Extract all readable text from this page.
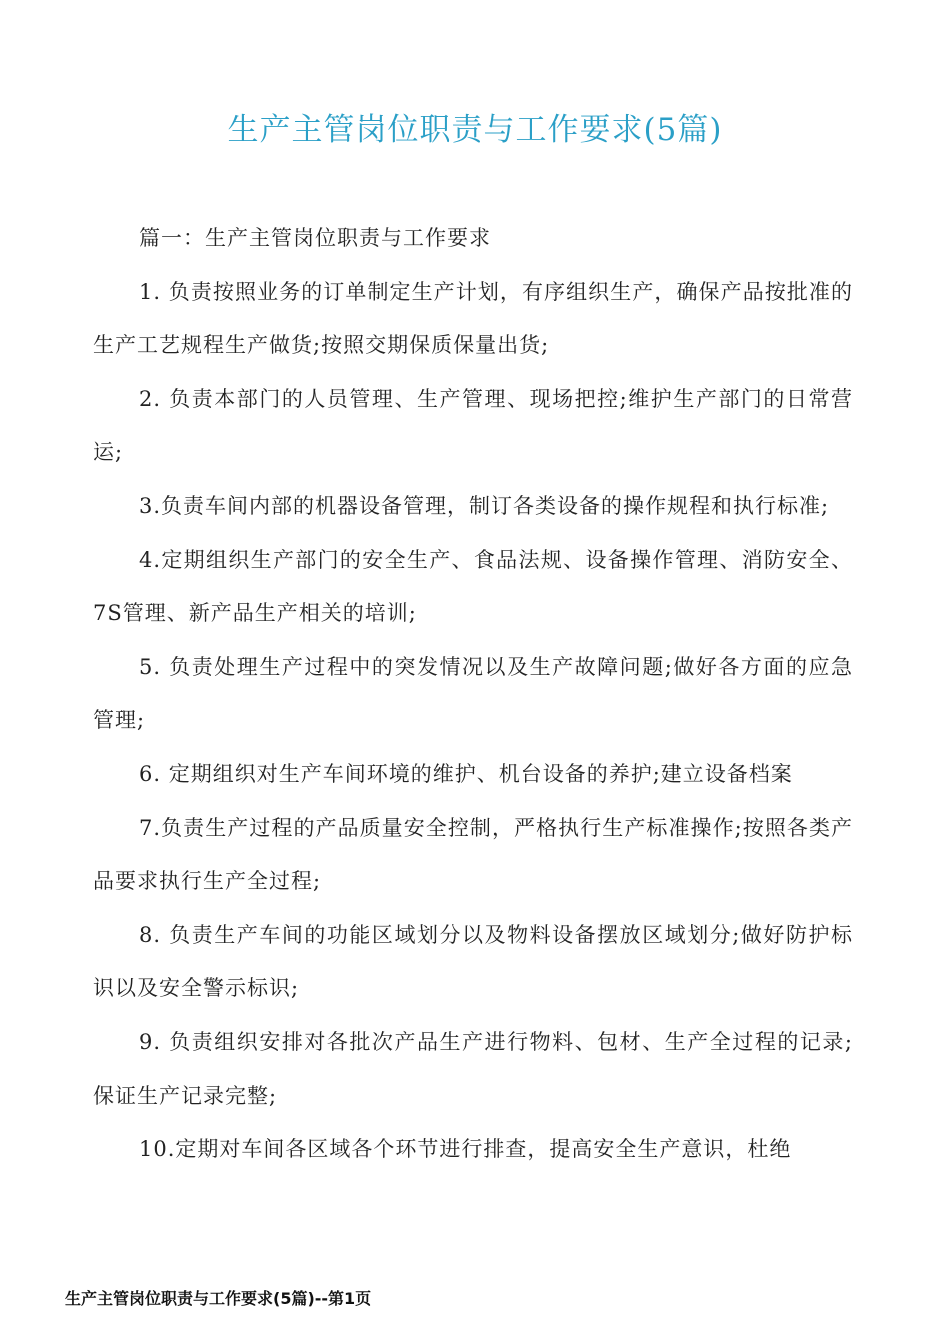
生产主管岗位职责与工作要求(5篇)

篇一：生产主管岗位职责与工作要求

1. 负责按照业务的订单制定生产计划，有序组织生产，确保产品按批准的生产工艺规程生产做货;按照交期保质保量出货;

2. 负责本部门的人员管理、生产管理、现场把控;维护生产部门的日常营运;

3.负责车间内部的机器设备管理，制订各类设备的操作规程和执行标准;

4.定期组织生产部门的安全生产、食品法规、设备操作管理、消防安全、7S管理、新产品生产相关的培训;

5. 负责处理生产过程中的突发情况以及生产故障问题;做好各方面的应急管理;

6. 定期组织对生产车间环境的维护、机台设备的养护;建立设备档案

7.负责生产过程的产品质量安全控制，严格执行生产标准操作;按照各类产品要求执行生产全过程;

8. 负责生产车间的功能区域划分以及物料设备摆放区域划分;做好防护标识以及安全警示标识;

9. 负责组织安排对各批次产品生产进行物料、包材、生产全过程的记录;保证生产记录完整;

10.定期对车间各区域各个环节进行排查，提高安全生产意识，杜绝

生产主管岗位职责与工作要求(5篇)--第1页
